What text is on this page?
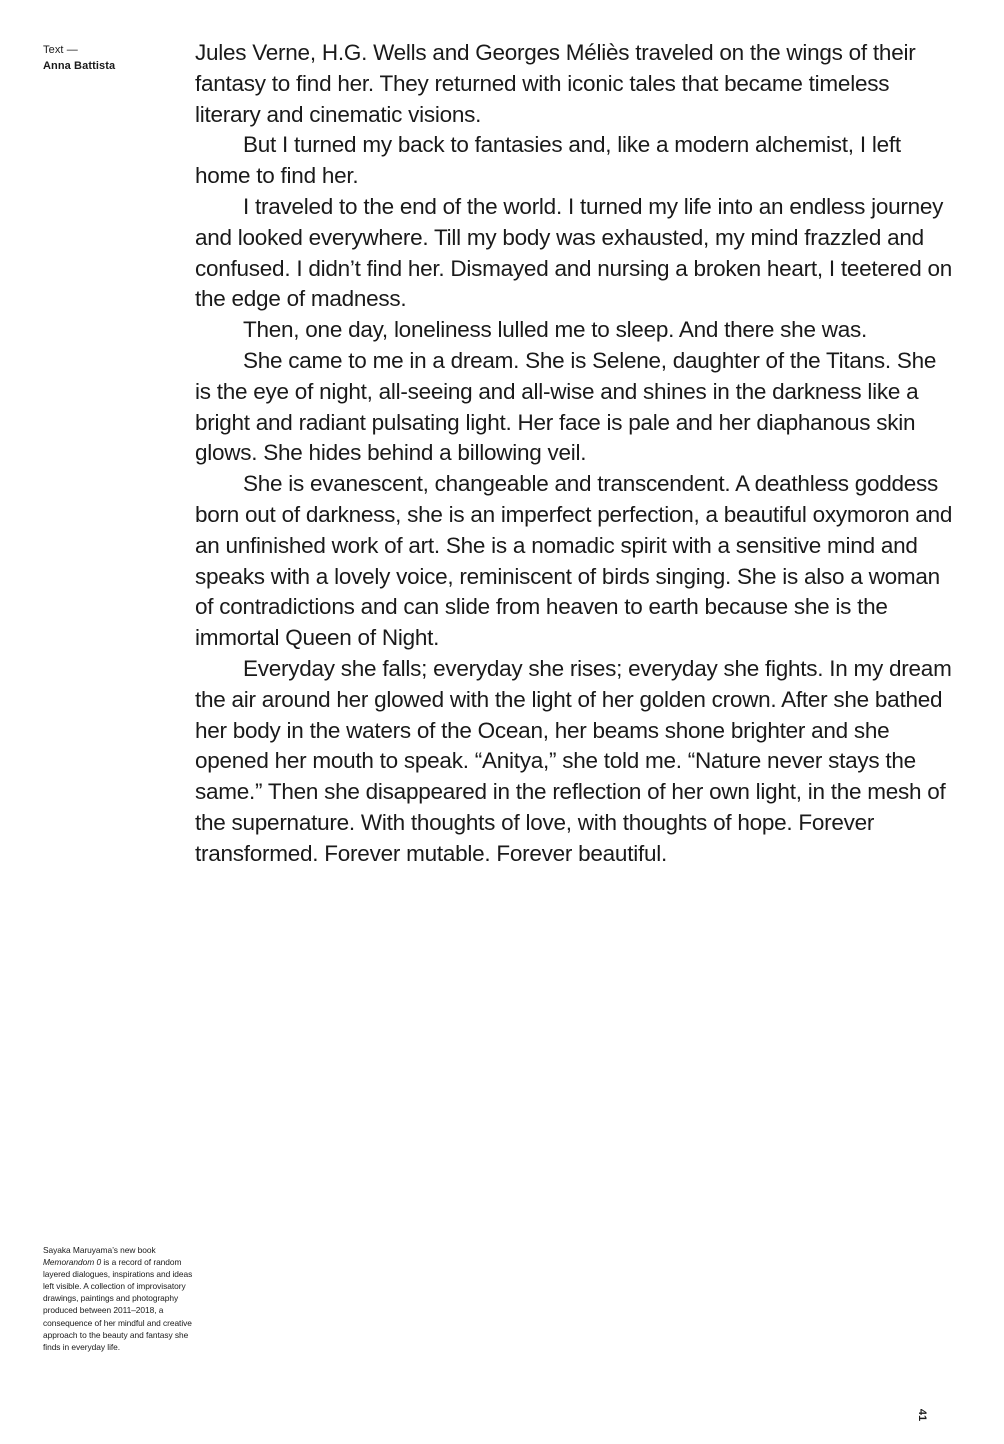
Text —
Anna Battista

Jules Verne, H.G. Wells and Georges Méliès traveled on the wings of their fantasy to find her. They returned with iconic tales that became timeless literary and cinematic visions.

But I turned my back to fantasies and, like a modern alchemist, I left home to find her.

I traveled to the end of the world. I turned my life into an endless journey and looked everywhere. Till my body was exhausted, my mind frazzled and confused. I didn’t find her. Dismayed and nursing a broken heart, I teetered on the edge of madness.

Then, one day, loneliness lulled me to sleep. And there she was.

She came to me in a dream. She is Selene, daughter of the Titans. She is the eye of night, all-seeing and all-wise and shines in the darkness like a bright and radiant pulsating light. Her face is pale and her diaphanous skin glows. She hides behind a billowing veil.

She is evanescent, changeable and transcendent. A deathless goddess born out of darkness, she is an imperfect perfection, a beautiful oxymoron and an unfinished work of art. She is a nomadic spirit with a sensitive mind and speaks with a lovely voice, reminiscent of birds singing. She is also a woman of contradictions and can slide from heaven to earth because she is the immortal Queen of Night.

Everyday she falls; everyday she rises; everyday she fights. In my dream the air around her glowed with the light of her golden crown. After she bathed her body in the waters of the Ocean, her beams shone brighter and she opened her mouth to speak. “Anitya,” she told me. “Nature never stays the same.” Then she disappeared in the reflection of her own light, in the mesh of the supernature. With thoughts of love, with thoughts of hope. Forever transformed. Forever mutable. Forever beautiful.

Sayaka Maruyama’s new book Memorandom 0 is a record of random layered dialogues, inspirations and ideas left visible. A collection of improvisatory drawings, paintings and photography produced between 2011–2018, a consequence of her mindful and creative approach to the beauty and fantasy she finds in everyday life.
41
